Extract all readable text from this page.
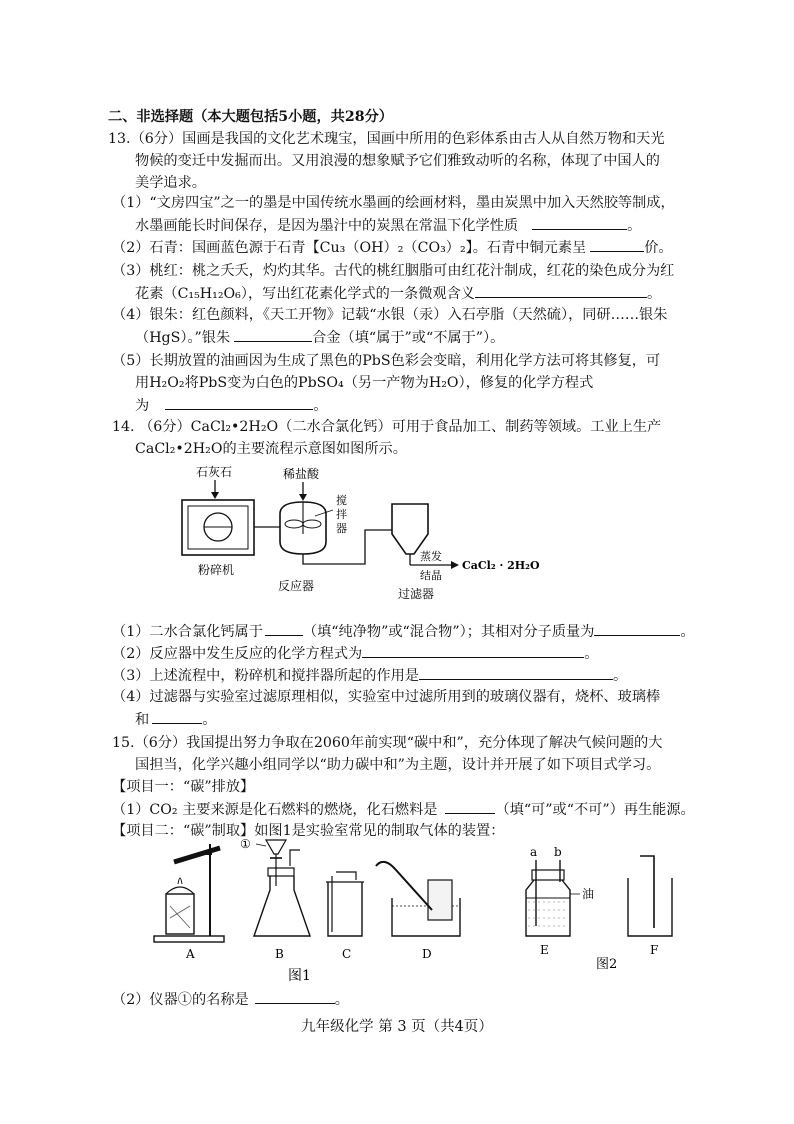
二、非选择题（本大题包括5小题，共28分）
13.（6分）国画是我国的文化艺术瑰宝，国画中所用的色彩体系由古人从自然万物和天光
物候的变迁中发掘而出。又用浪漫的想象赋予它们雅致动听的名称，体现了中国人的
美学追求。
（1）“文房四宝”之一的墨是中国传统水墨画的绘画材料，墨由炭黑中加入天然胶等制成，
水墨画能长时间保存，是因为墨汁中的炭黑在常温下化学性质	。
（2）石青：国画蓝色源于石青【Cu₃（OH）₂（CO₃）₂】。石青中铜元素呈	价。
（3）桃红：桃之夭夭，灼灼其华。古代的桃红胭脂可由红花汁制成，红花的染色成分为红
花素（C₁₅H₁₂O₆），写出红花素化学式的一条微观含义	。
（4）银朱：红色颜料，《天工开物》记载“水银（汞）入石亭脂（天然硫），同研……银朱
（HgS）。”银朱	合金（填“属于”或“不属于”）。
（5）长期放置的油画因为生成了黑色的PbS色彩会变暗，利用化学方法可将其修复，可
用H₂O₂将PbS变为白色的PbSO₄（另一产物为H₂O），修复的化学方程式
为	。
14. （6分）CaCl₂•2H₂O（二水合氯化钙）可用于食品加工、制药等领域。工业上生产
CaCl₂•2H₂O的主要流程示意图如图所示。
石灰石
粉碎机
稀盐酸
搅
拌
器
反应器
蒸发
结晶
CaCl₂ · 2H₂O
过滤器
（1）二水合氯化钙属于	（填“纯净物”或“混合物”）；其相对分子质量为	。
（2）反应器中发生反应的化学方程式为	。
（3）上述流程中，粉碎机和搅拌器所起的作用是	。
（4）过滤器与实验室过滤原理相似，实验室中过滤所用到的玻璃仪器有，烧杯、玻璃棒
和	。
15.（6分）我国提出努力争取在2060年前实现“碳中和”，充分体现了解决气候问题的大
国担当，化学兴趣小组同学以“助力碳中和”为主题，设计并开展了如下项目式学习。
【项目一：“碳”排放】
（1）CO₂ 主要来源是化石燃料的燃烧，化石燃料是	（填“可”或“不可”）再生能源。
【项目二：“碳”制取】如图1是实验室常见的制取气体的装置：
A
①
B	C	D
图1
a b
油
E	F
图2
（2）仪器①的名称是	。
九年级化学 第 3 页（共4页）
